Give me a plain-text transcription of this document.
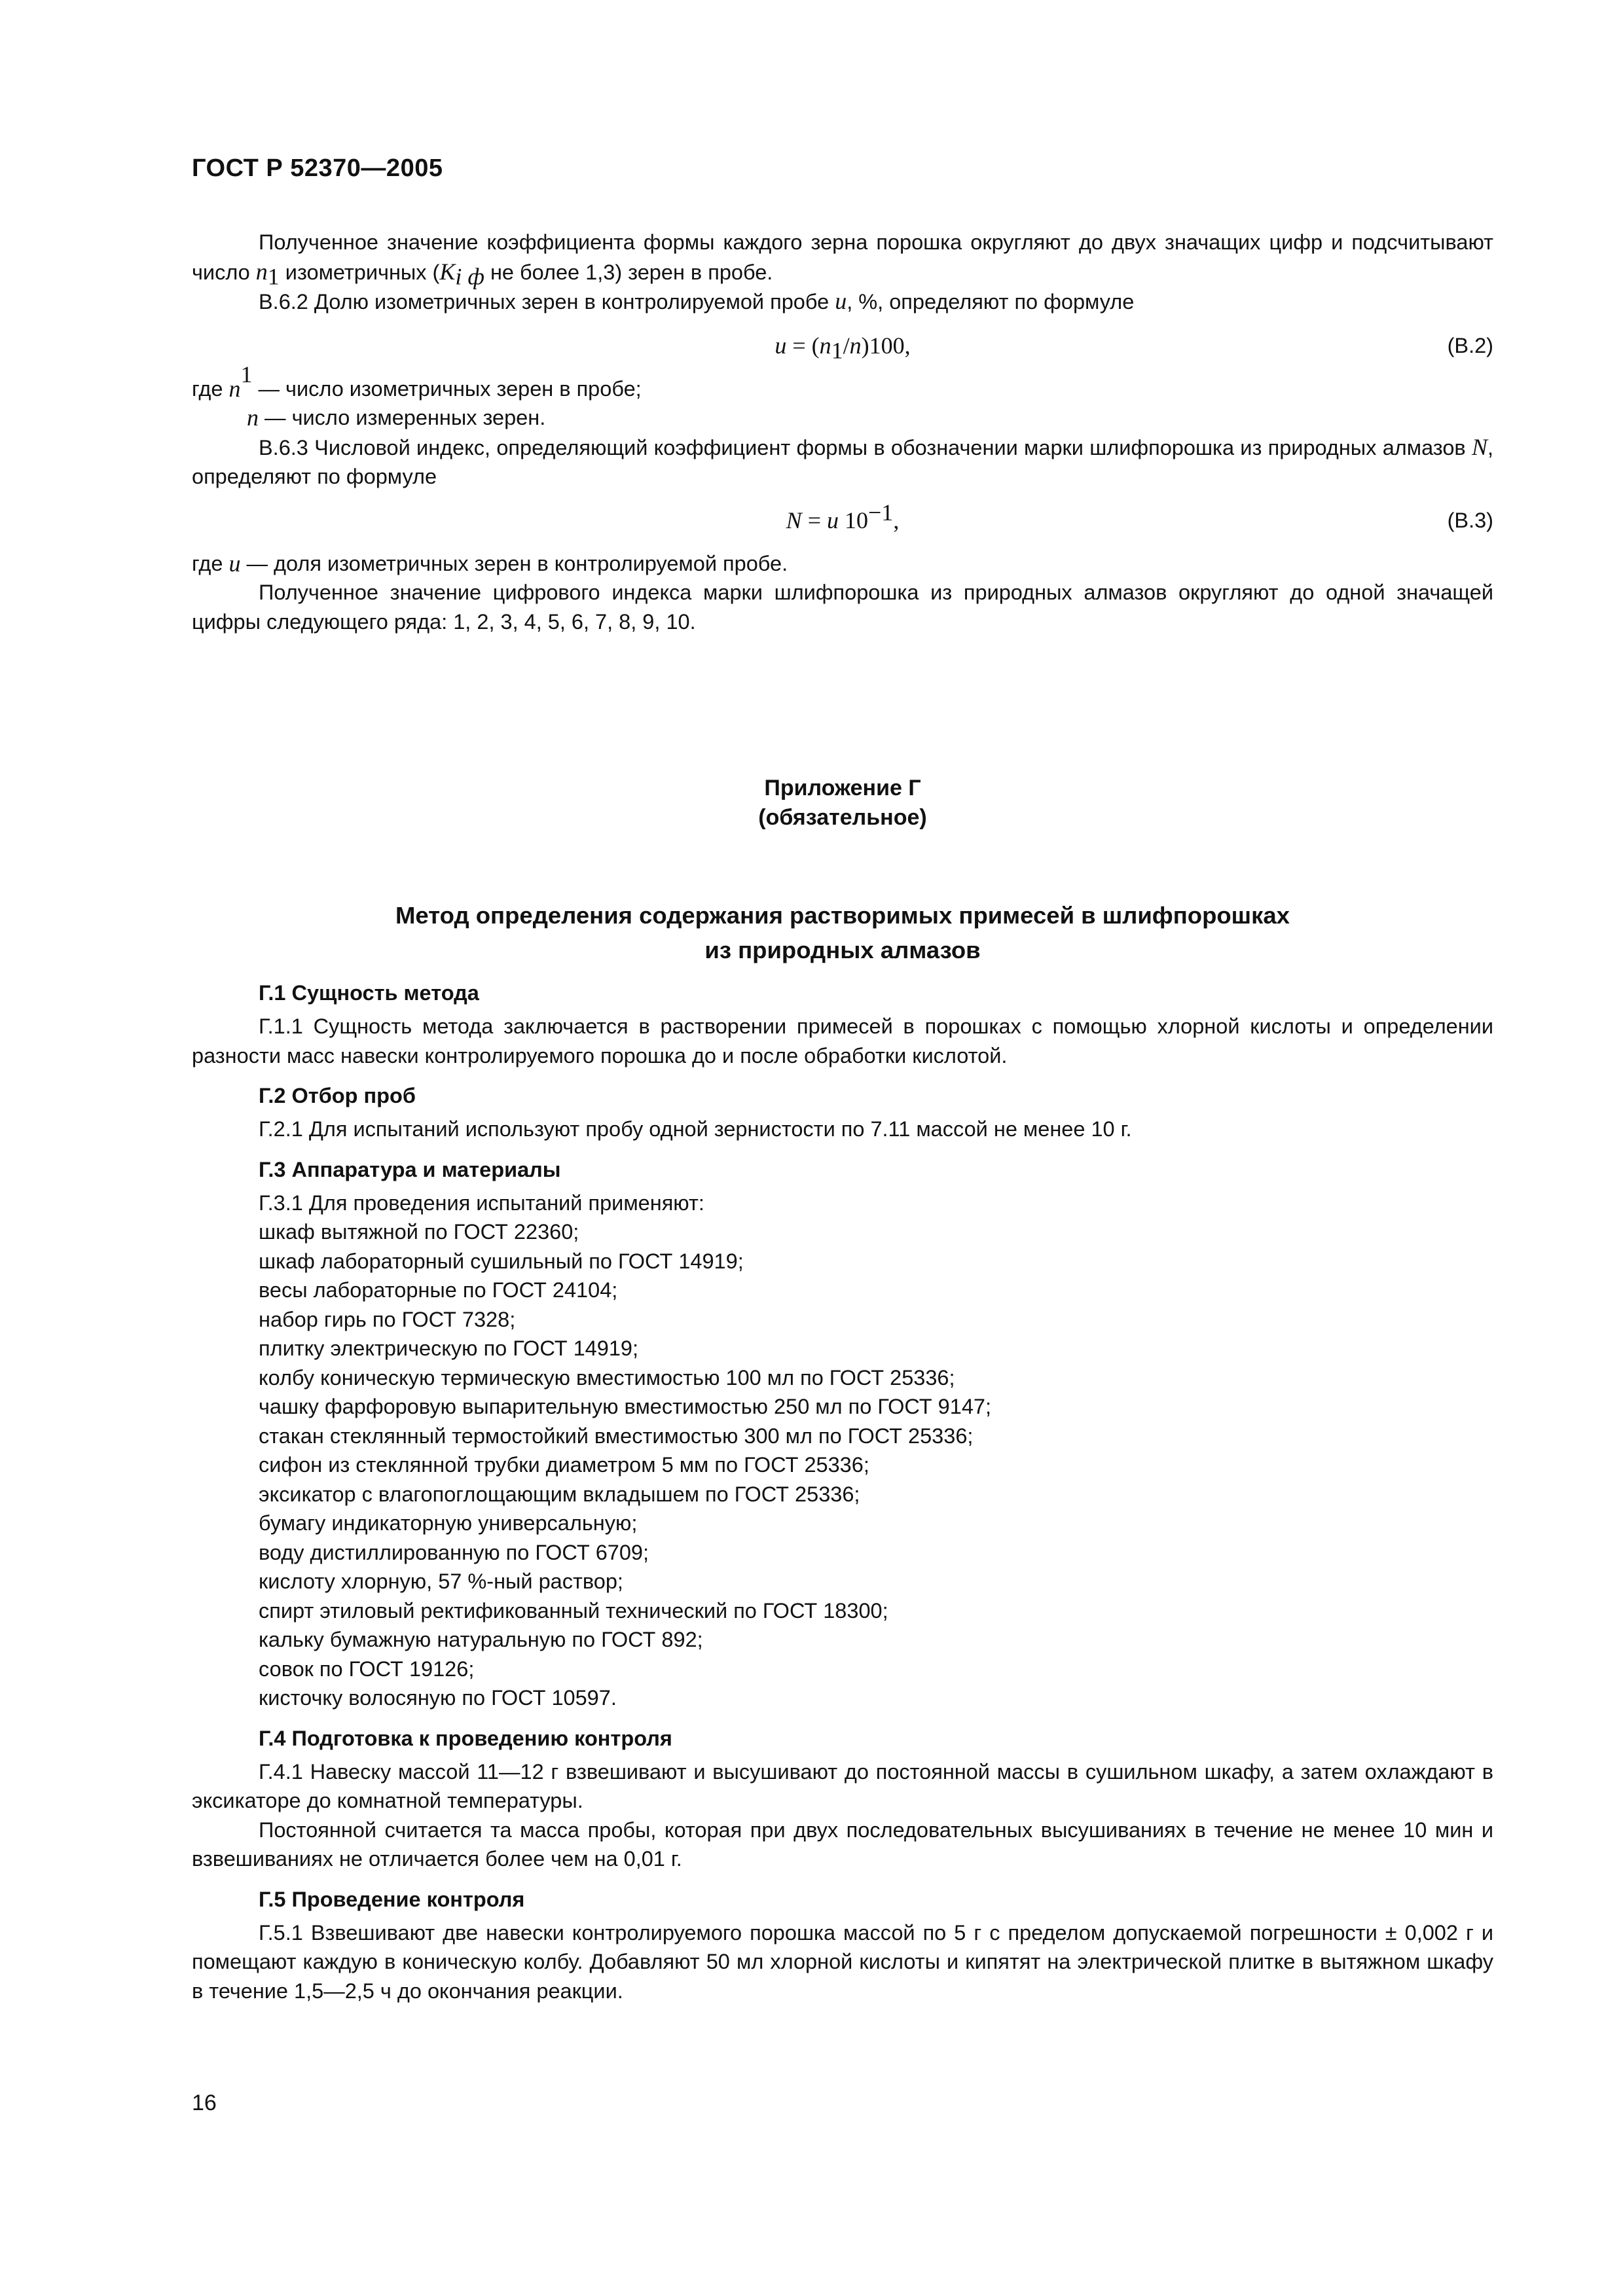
ГОСТ Р 52370—2005

Полученное значение коэффициента формы каждого зерна порошка округляют до двух значащих цифр и подсчитывают число $n_1$ изометричных ($K_{i ф}$ не более 1,3) зерен в пробе.

В.6.2 Долю изометричных зерен в контролируемой пробе u, %, определяют по формуле

$u = (n_1/n)100$,	(В.2)
где n
1
— число изометричных зерен в пробе;
n — число измеренных зерен.

В.6.3 Числовой индекс, определяющий коэффициент формы в обозначении марки шлифпорошка из природных алмазов N, определяют по формуле

N = u $10^{-1}$,	(В.3)
где u — доля изометричных зерен в контролируемой пробе.

Полученное значение цифрового индекса марки шлифпорошка из природных алмазов округляют до одной значащей цифры следующего ряда: 1, 2, 3, 4, 5, 6, 7, 8, 9, 10.

Приложение Г
(обязательное)
Метод определения содержания растворимых примесей в шлифпорошках
из природных алмазов

Г.1 Сущность метода

Г.1.1 Сущность метода заключается в растворении примесей в порошках с помощью хлорной кислоты и определении разности масс навески контролируемого порошка до и после обработки кислотой.

Г.2 Отбор проб

Г.2.1 Для испытаний используют пробу одной зернистости по 7.11 массой не менее 10 г.

Г.3 Аппаратура и материалы

Г.3.1 Для проведения испытаний применяют:

шкаф вытяжной по ГОСТ 22360;
шкаф лабораторный сушильный по ГОСТ 14919;
весы лабораторные по ГОСТ 24104;
набор гирь по ГОСТ 7328;
плитку электрическую по ГОСТ 14919;
колбу коническую термическую вместимостью 100 мл по ГОСТ 25336;
чашку фарфоровую выпарительную вместимостью 250 мл по ГОСТ 9147;
стакан стеклянный термостойкий вместимостью 300 мл по ГОСТ 25336;
сифон из стеклянной трубки диаметром 5 мм по ГОСТ 25336;
эксикатор с влагопоглощающим вкладышем по ГОСТ 25336;
бумагу индикаторную универсальную;
воду дистиллированную по ГОСТ 6709;
кислоту хлорную, 57 %-ный раствор;
спирт этиловый ректификованный технический по ГОСТ 18300;
кальку бумажную натуральную по ГОСТ 892;
совок по ГОСТ 19126;
кисточку волосяную по ГОСТ 10597.

Г.4 Подготовка к проведению контроля

Г.4.1 Навеску массой 11—12 г взвешивают и высушивают до постоянной массы в сушильном шкафу, а затем охлаждают в эксикаторе до комнатной температуры.

Постоянной считается та масса пробы, которая при двух последовательных высушиваниях в течение не менее 10 мин и взвешиваниях не отличается более чем на 0,01 г.

Г.5 Проведение контроля

Г.5.1 Взвешивают две навески контролируемого порошка массой по 5 г с пределом допускаемой погрешности ± 0,002 г и помещают каждую в коническую колбу. Добавляют 50 мл хлорной кислоты и кипятят на электрической плитке в вытяжном шкафу в течение 1,5—2,5 ч до окончания реакции.

16
